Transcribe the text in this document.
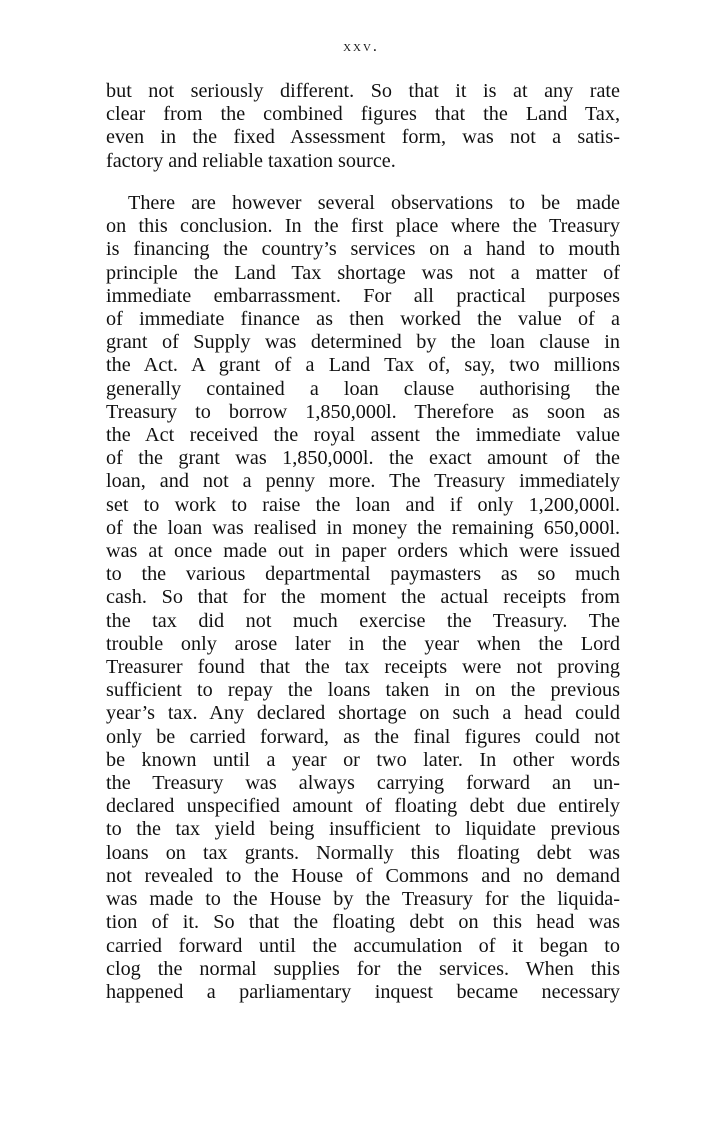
xxv.
but not seriously different. So that it is at any rate
clear from the combined figures that the Land Tax,
even in the fixed Assessment form, was not a satis-
factory and reliable taxation source.
There are however several observations to be made
on this conclusion. In the first place where the Treasury
is financing the country’s services on a hand to mouth
principle the Land Tax shortage was not a matter of
immediate embarrassment. For all practical purposes
of immediate finance as then worked the value of a
grant of Supply was determined by the loan clause in
the Act. A grant of a Land Tax of, say, two millions
generally contained a loan clause authorising the
Treasury to borrow 1,850,000l. Therefore as soon as
the Act received the royal assent the immediate value
of the grant was 1,850,000l. the exact amount of the
loan, and not a penny more. The Treasury immediately
set to work to raise the loan and if only 1,200,000l.
of the loan was realised in money the remaining 650,000l.
was at once made out in paper orders which were issued
to the various departmental paymasters as so much
cash. So that for the moment the actual receipts from
the tax did not much exercise the Treasury. The
trouble only arose later in the year when the Lord
Treasurer found that the tax receipts were not proving
sufficient to repay the loans taken in on the previous
year’s tax. Any declared shortage on such a head could
only be carried forward, as the final figures could not
be known until a year or two later. In other words
the Treasury was always carrying forward an un-
declared unspecified amount of floating debt due entirely
to the tax yield being insufficient to liquidate previous
loans on tax grants. Normally this floating debt was
not revealed to the House of Commons and no demand
was made to the House by the Treasury for the liquida-
tion of it. So that the floating debt on this head was
carried forward until the accumulation of it began to
clog the normal supplies for the services. When this
happened a parliamentary inquest became necessary
